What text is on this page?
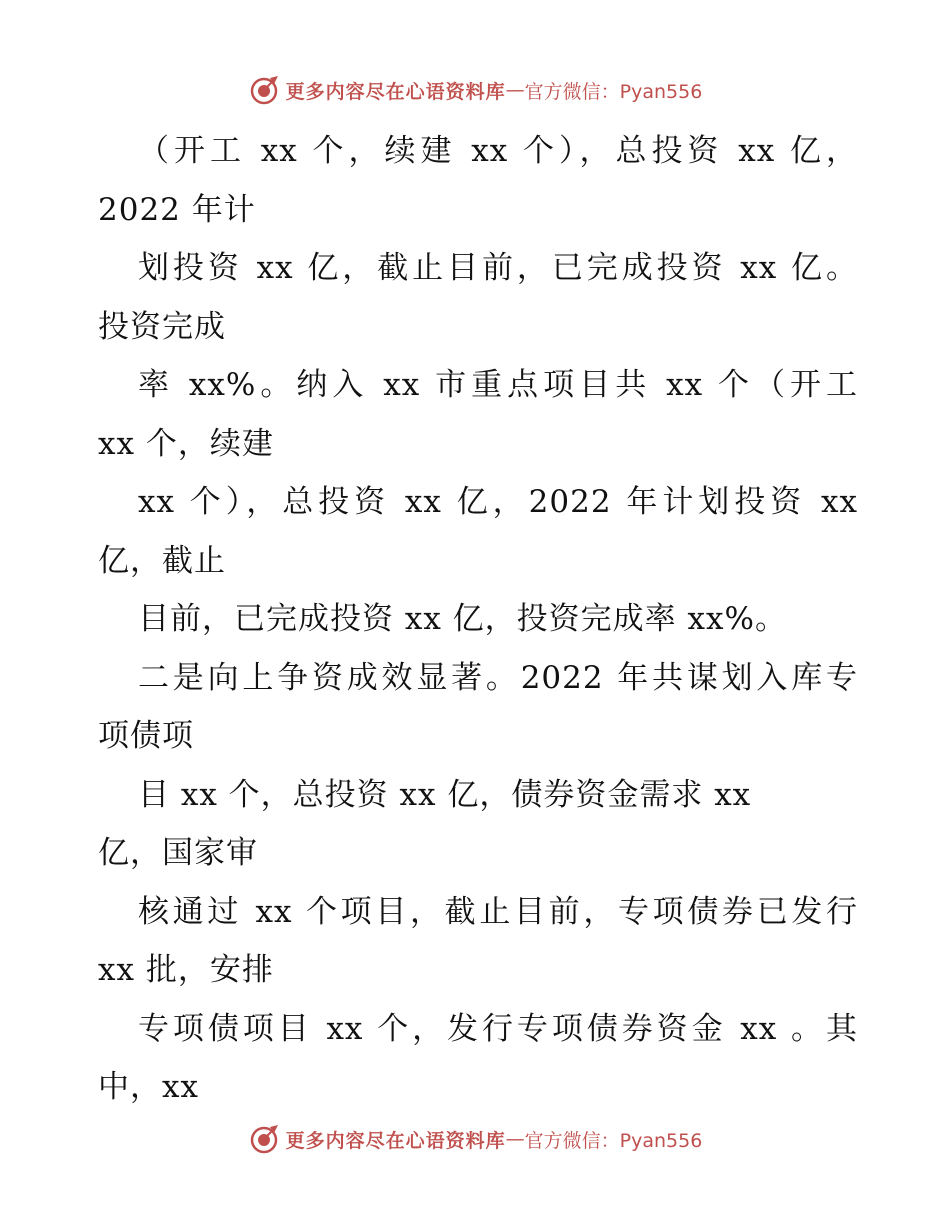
更多内容尽在心语资料库 — 官方微信：Pyan556
（开工 xx 个，续建 xx 个），总投资 xx 亿，
2022 年计
划投资 xx 亿，截止目前，已完成投资 xx 亿。
投资完成
率 xx%。纳入 xx 市重点项目共 xx 个（开工
xx 个，续建
xx 个），总投资 xx 亿，2022 年计划投资 xx
亿，截止
目前，已完成投资 xx 亿，投资完成率 xx%。
二是向上争资成效显著。2022 年共谋划入库专
项债项
目 xx 个，总投资 xx 亿，债券资金需求 xx
亿，国家审
核通过 xx 个项目，截止目前，专项债券已发行
xx 批，安排
专项债项目 xx 个，发行专项债券资金 xx 。其
中，xx
更多内容尽在心语资料库 — 官方微信：Pyan556
